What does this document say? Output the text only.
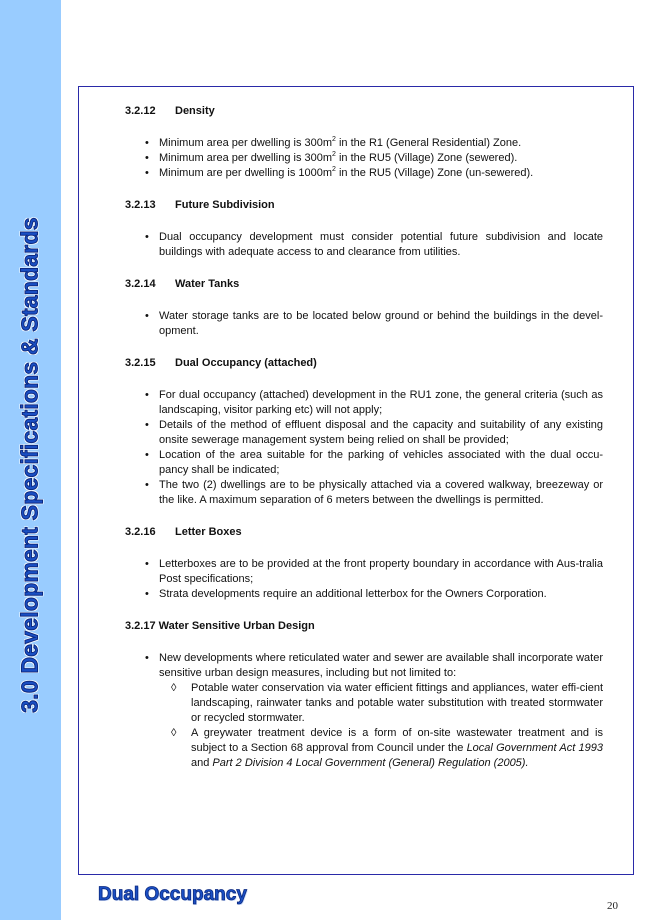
3.0 Development Specifications & Standards
3.2.12	Density
• Minimum area per dwelling is $300m^2$ in the R1 (General Residential) Zone.
• Minimum area per dwelling is $300m^2$ in the RU5 (Village) Zone (sewered).
• Minimum are per dwelling is $1000m^2$ in the RU5 (Village) Zone (un-sewered).
3.2.13	Future Subdivision
• Dual occupancy development must consider potential future subdivision and locate buildings with adequate access to and clearance from utilities.
3.2.14	Water Tanks
• Water storage tanks are to be located below ground or behind the buildings in the devel-opment.
3.2.15	Dual Occupancy (attached)
• For dual occupancy (attached) development in the RU1 zone, the general criteria (such as landscaping, visitor parking etc) will not apply;
• Details of the method of effluent disposal and the capacity and suitability of any existing onsite sewerage management system being relied on shall be provided;
• Location of the area suitable for the parking of vehicles associated with the dual occu-pancy shall be indicated;
• The two (2) dwellings are to be physically attached via a covered walkway, breezeway or the like. A maximum separation of 6 meters between the dwellings is permitted.
3.2.16	Letter Boxes
• Letterboxes are to be provided at the front property boundary in accordance with Aus-tralia Post specifications;
• Strata developments require an additional letterbox for the Owners Corporation.
3.2.17 Water Sensitive Urban Design
• New developments where reticulated water and sewer are available shall incorporate water sensitive urban design measures, including but not limited to:
◊ Potable water conservation via water efficient fittings and appliances, water effi-cient landscaping, rainwater tanks and potable water substitution with treated stormwater or recycled stormwater.
◊ A greywater treatment device is a form of on-site wastewater treatment and is subject to a Section 68 approval from Council under the Local Government Act 1993 and Part 2 Division 4 Local Government (General) Regulation (2005).
Dual Occupancy
20
